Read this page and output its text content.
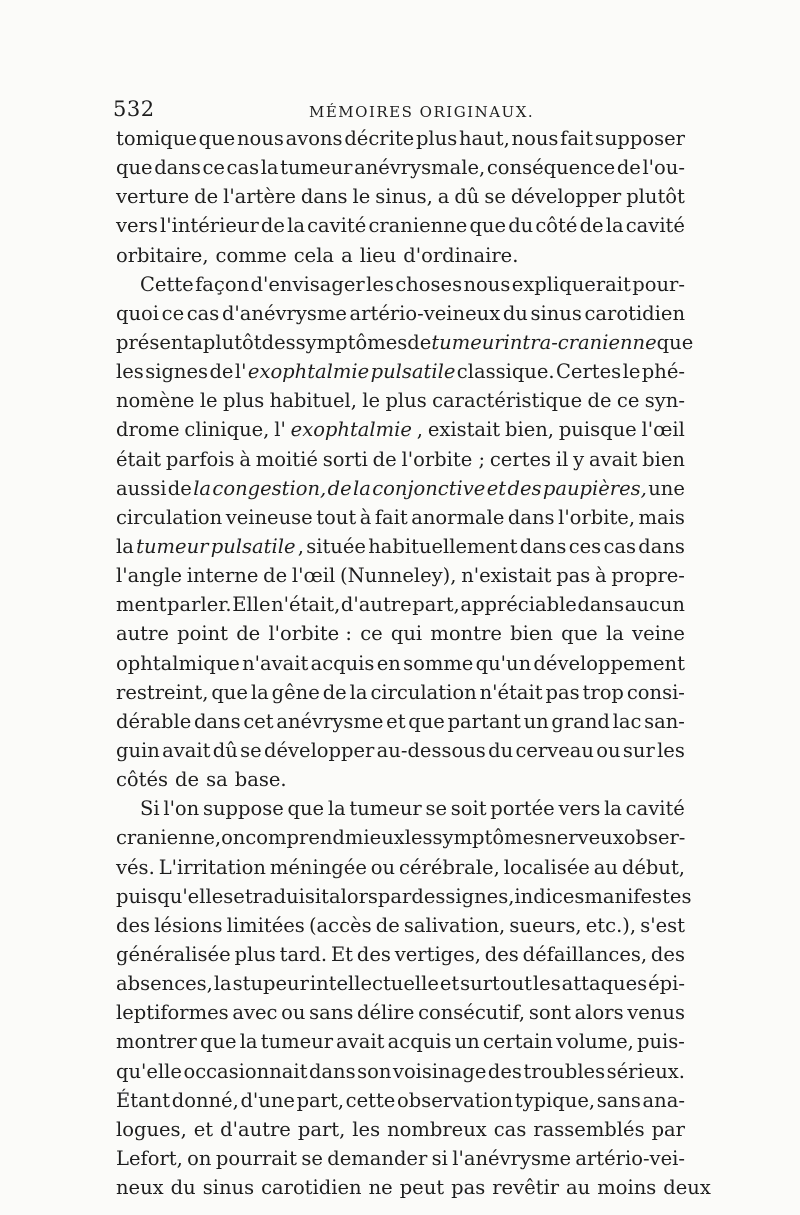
532	MÉMOIRES ORIGINAUX.
tomique que nous avons décrite plus haut, nous fait supposer
que dans ce cas la tumeur anévrysmale, conséquence de l'ou-
verture de l'artère dans le sinus, a dû se développer plutôt
vers l'intérieur de la cavité cranienne que du côté de la cavité
orbitaire, comme cela a lieu d'ordinaire.
Cette façon d'envisager les choses nous expliquerait pour-
quoi ce cas d'anévrysme artério-veineux du sinus carotidien
présenta plutôt des symptômes de tumeur intra-cranienne que
les signes de l' exophtalmie pulsatile classique. Certes le phé-
nomène le plus habituel, le plus caractéristique de ce syn-
drome clinique, l' exophtalmie , existait bien, puisque l'œil
était parfois à moitié sorti de l'orbite ; certes il y avait bien
aussi de la congestion, de la conjonctive et des paupières, une
circulation veineuse tout à fait anormale dans l'orbite, mais
la tumeur pulsatile , située habituellement dans ces cas dans
l'angle interne de l'œil (Nunneley), n'existait pas à propre-
ment parler. Elle n'était, d'autre part, appréciable dans aucun
autre point de l'orbite : ce qui montre bien que la veine
ophtalmique n'avait acquis en somme qu'un développement
restreint, que la gêne de la circulation n'était pas trop consi-
dérable dans cet anévrysme et que partant un grand lac san-
guin avait dû se développer au-dessous du cerveau ou sur les
côtés de sa base.
Si l'on suppose que la tumeur se soit portée vers la cavité
cranienne, on comprend mieux les symptômes nerveux obser-
vés. L'irritation méningée ou cérébrale, localisée au début,
puisqu'elle se traduisit alors par des signes, indices manifestes
des lésions limitées (accès de salivation, sueurs, etc.), s'est
généralisée plus tard. Et des vertiges, des défaillances, des
absences, la stupeur intellectuelle et surtout les attaques épi-
leptiformes avec ou sans délire consécutif, sont alors venus
montrer que la tumeur avait acquis un certain volume, puis-
qu'elle occasionnait dans son voisinage des troubles sérieux.
Étant donné, d'une part, cette observation typique, sans ana-
logues, et d'autre part, les nombreux cas rassemblés par
Lefort, on pourrait se demander si l'anévrysme artério-vei-
neux du sinus carotidien ne peut pas revêtir au moins deux
